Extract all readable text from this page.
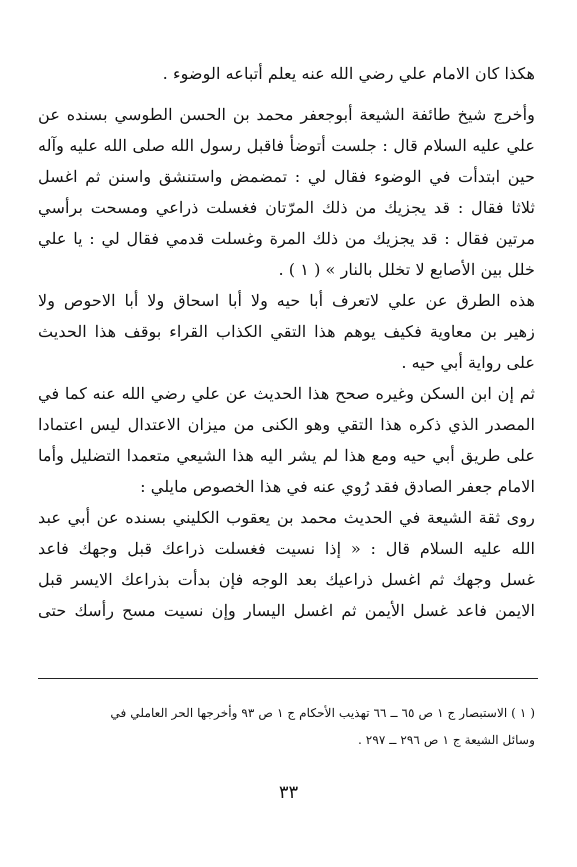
هكذا كان الامام علي رضي الله عنه يعلم أتباعه الوضوء .
وأخرج شيخ طائفة الشيعة أبوجعفر محمد بن الحسن الطوسي بسنده عن
علي عليه السلام قال : جلست أتوضأ فاقبل رسول الله صلى الله عليه وآله
حين ابتدأت في الوضوء فقال لي : تمضمض واستنشق واسنن ثم اغسل
ثلاثا فقال : قد يجزيك من ذلك المرّتان فغسلت ذراعي ومسحت برأسي
مرتين فقال : قد يجزيك من ذلك المرة وغسلت قدمي فقال لي : يا علي
خلل بين الأصابع لا تخلل بالنار » ( ١ ) .
هذه الطرق عن علي لاتعرف أبا حيه ولا أبا اسحاق ولا أبا الاحوص ولا
زهير بن معاوية فكيف يوهم هذا التقي الكذاب القراء بوقف هذا الحديث
على رواية أبي حيه .
ثم إن ابن السكن وغيره صحح هذا الحديث عن علي رضي الله عنه كما في
المصدر الذي ذكره هذا التقي وهو الكنى من ميزان الاعتدال ليس اعتمادا
على طريق أبي حيه ومع هذا لم يشر اليه هذا الشيعي متعمدا التضليل وأما
الامام جعفر الصادق فقد رُوي عنه في هذا الخصوص مايلي :
روى ثقة الشيعة في الحديث محمد بن يعقوب الكليني بسنده عن أبي عبد
الله عليه السلام قال : « إذا نسيت فغسلت ذراعك قبل وجهك فاعد
غسل وجهك ثم اغسل ذراعيك بعد الوجه فإن بدأت بذراعك الايسر قبل
الايمن فاعد غسل الأيمن ثم اغسل اليسار وإن نسيت مسح رأسك حتى
( ١ ) الاستبصار ج ١ ص ٦٥ ــ ٦٦ تهذيب الأحكام ج ١ ص ٩٣ وأخرجها الحر العاملي في
وسائل الشيعة ج ١ ص ٢٩٦ ــ ٢٩٧ .
٣٣
